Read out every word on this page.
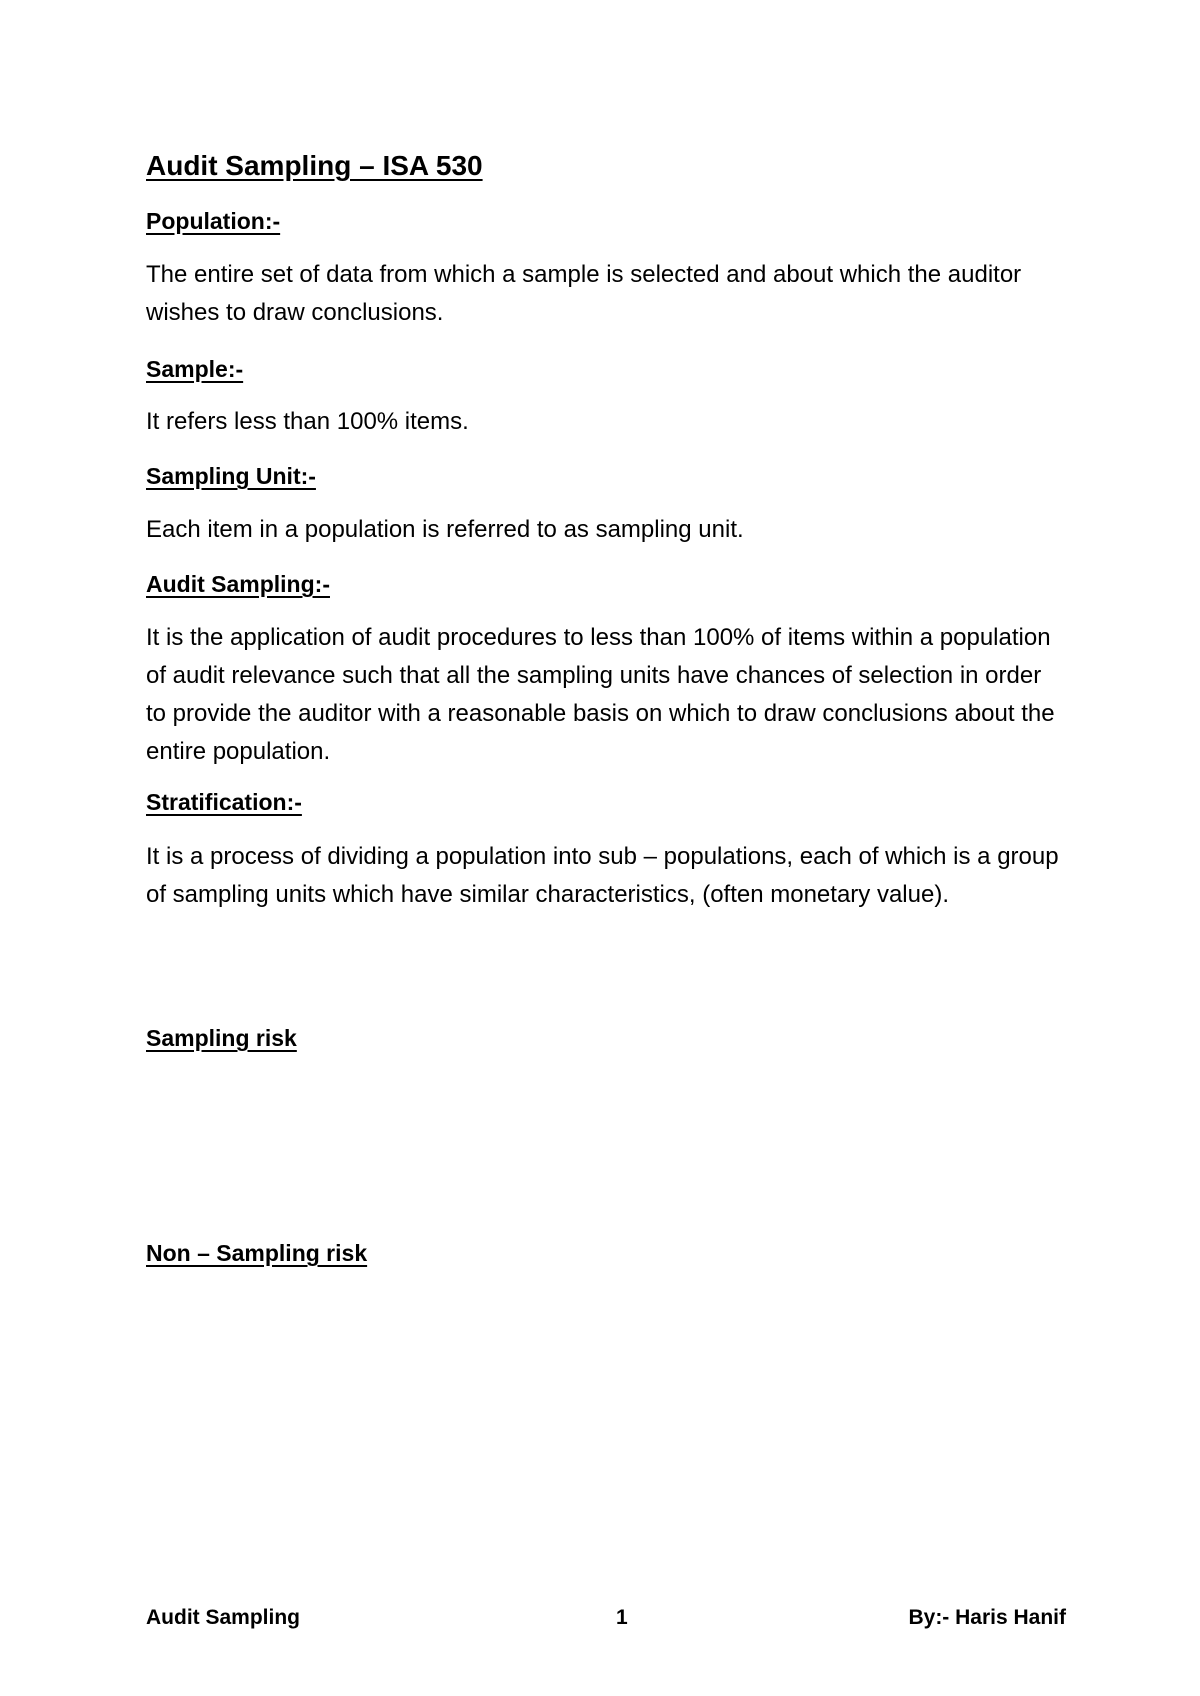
Audit Sampling – ISA 530
Population:-
The entire set of data from which a sample is selected and about which the auditor wishes to draw conclusions.
Sample:-
It refers less than 100% items.
Sampling Unit:-
Each item in a population is referred to as sampling unit.
Audit Sampling:-
It is the application of audit procedures to less than 100% of items within a population of audit relevance such that all the sampling units have chances of selection in order to provide the auditor with a reasonable basis on which to draw conclusions about the entire population.
Stratification:-
It is a process of dividing a population into sub – populations, each of which is a group of sampling units which have similar characteristics, (often monetary value).
Sampling risk
Non – Sampling risk
Audit Sampling	1	By:- Haris Hanif
